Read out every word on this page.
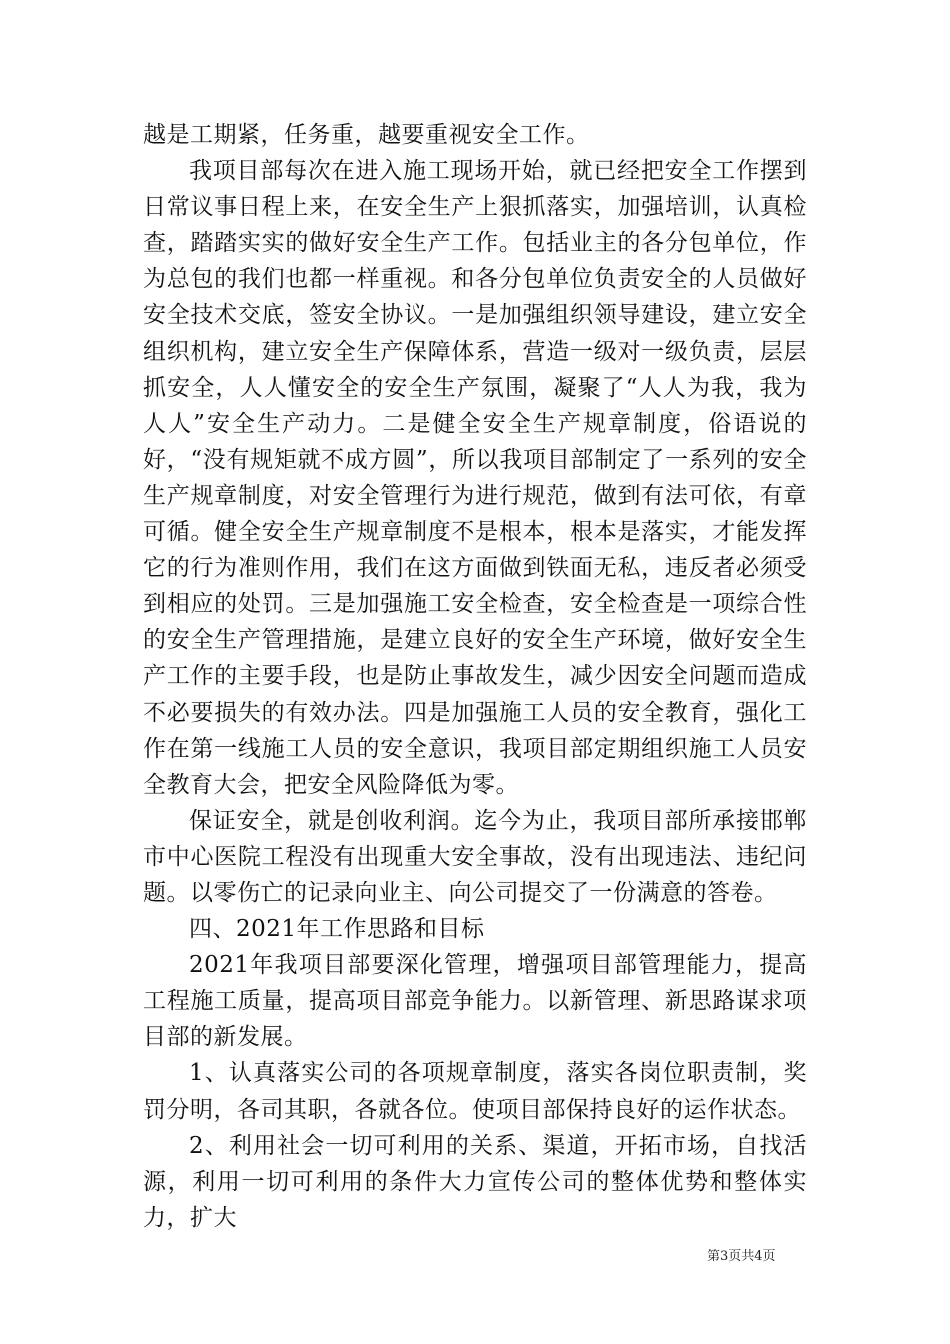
越是工期紧，任务重，越要重视安全工作。

我项目部每次在进入施工现场开始，就已经把安全工作摆到日常议事日程上来，在安全生产上狠抓落实，加强培训，认真检查，踏踏实实的做好安全生产工作。包括业主的各分包单位，作为总包的我们也都一样重视。和各分包单位负责安全的人员做好安全技术交底，签安全协议。一是加强组织领导建设，建立安全组织机构，建立安全生产保障体系，营造一级对一级负责，层层抓安全，人人懂安全的安全生产氛围，凝聚了“人人为我，我为人人”安全生产动力。二是健全安全生产规章制度，俗语说的好，“没有规矩就不成方圆”，所以我项目部制定了一系列的安全生产规章制度，对安全管理行为进行规范，做到有法可依，有章可循。健全安全生产规章制度不是根本，根本是落实，才能发挥它的行为准则作用，我们在这方面做到铁面无私，违反者必须受到相应的处罚。三是加强施工安全检查，安全检查是一项综合性的安全生产管理措施，是建立良好的安全生产环境，做好安全生产工作的主要手段，也是防止事故发生，减少因安全问题而造成不必要损失的有效办法。四是加强施工人员的安全教育，强化工作在第一线施工人员的安全意识，我项目部定期组织施工人员安全教育大会，把安全风险降低为零。

保证安全，就是创收利润。迄今为止，我项目部所承接邯郸市中心医院工程没有出现重大安全事故，没有出现违法、违纪问题。以零伤亡的记录向业主、向公司提交了一份满意的答卷。

四、2021年工作思路和目标

2021年我项目部要深化管理，增强项目部管理能力，提高工程施工质量，提高项目部竞争能力。以新管理、新思路谋求项目部的新发展。

1、认真落实公司的各项规章制度，落实各岗位职责制，奖罚分明，各司其职，各就各位。使项目部保持良好的运作状态。

2、利用社会一切可利用的关系、渠道，开拓市场，自找活源，利用一切可利用的条件大力宣传公司的整体优势和整体实力，扩大

第3页共4页
